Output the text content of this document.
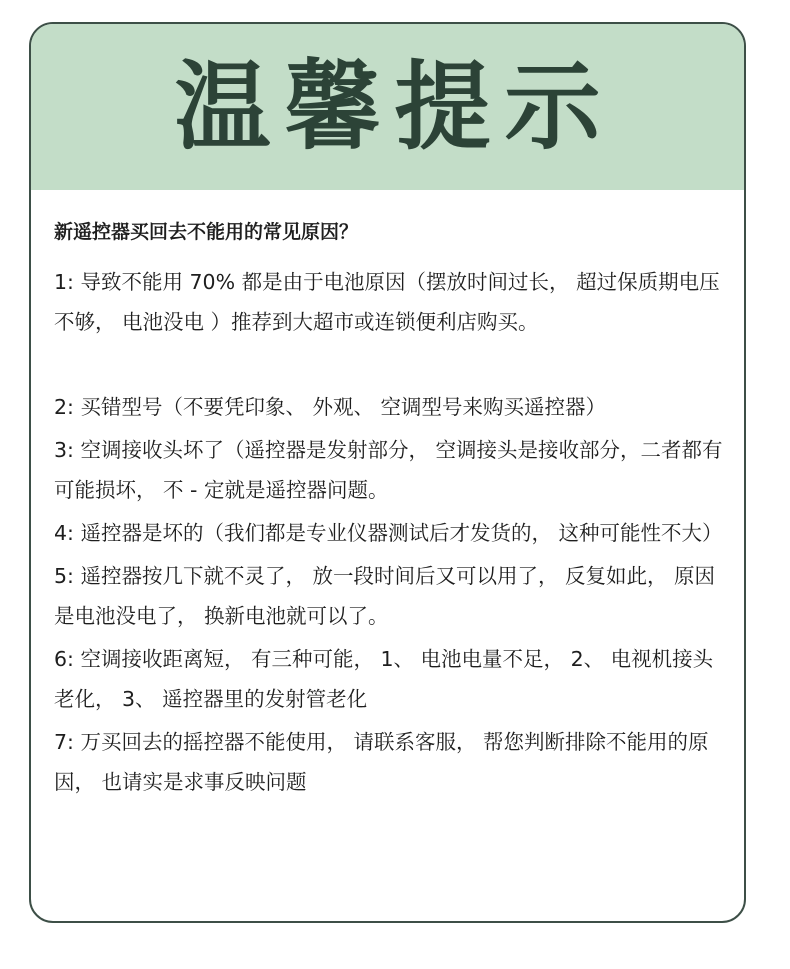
温馨提示

新遥控器买回去不能用的常见原因？

1: 导致不能用 70% 都是由于电池原因（摆放时间过长， 超过保质期电压不够， 电池没电 ）推荐到大超市或连锁便利店购买。

2: 买错型号（不要凭印象、 外观、 空调型号来购买遥控器）

3: 空调接收头坏了（遥控器是发射部分， 空调接头是接收部分，二者都有可能损坏， 不 - 定就是遥控器问题。

4: 遥控器是坏的（我们都是专业仪器测试后才发货的， 这种可能性不大）

5: 遥控器按几下就不灵了， 放一段时间后又可以用了， 反复如此， 原因是电池没电了， 换新电池就可以了。

6: 空调接收距离短， 有三种可能， 1、 电池电量不足， 2、 电视机接头老化， 3、 遥控器里的发射管老化

7: 万买回去的摇控器不能使用， 请联系客服， 帮您判断排除不能用的原因， 也请实是求事反映问题
